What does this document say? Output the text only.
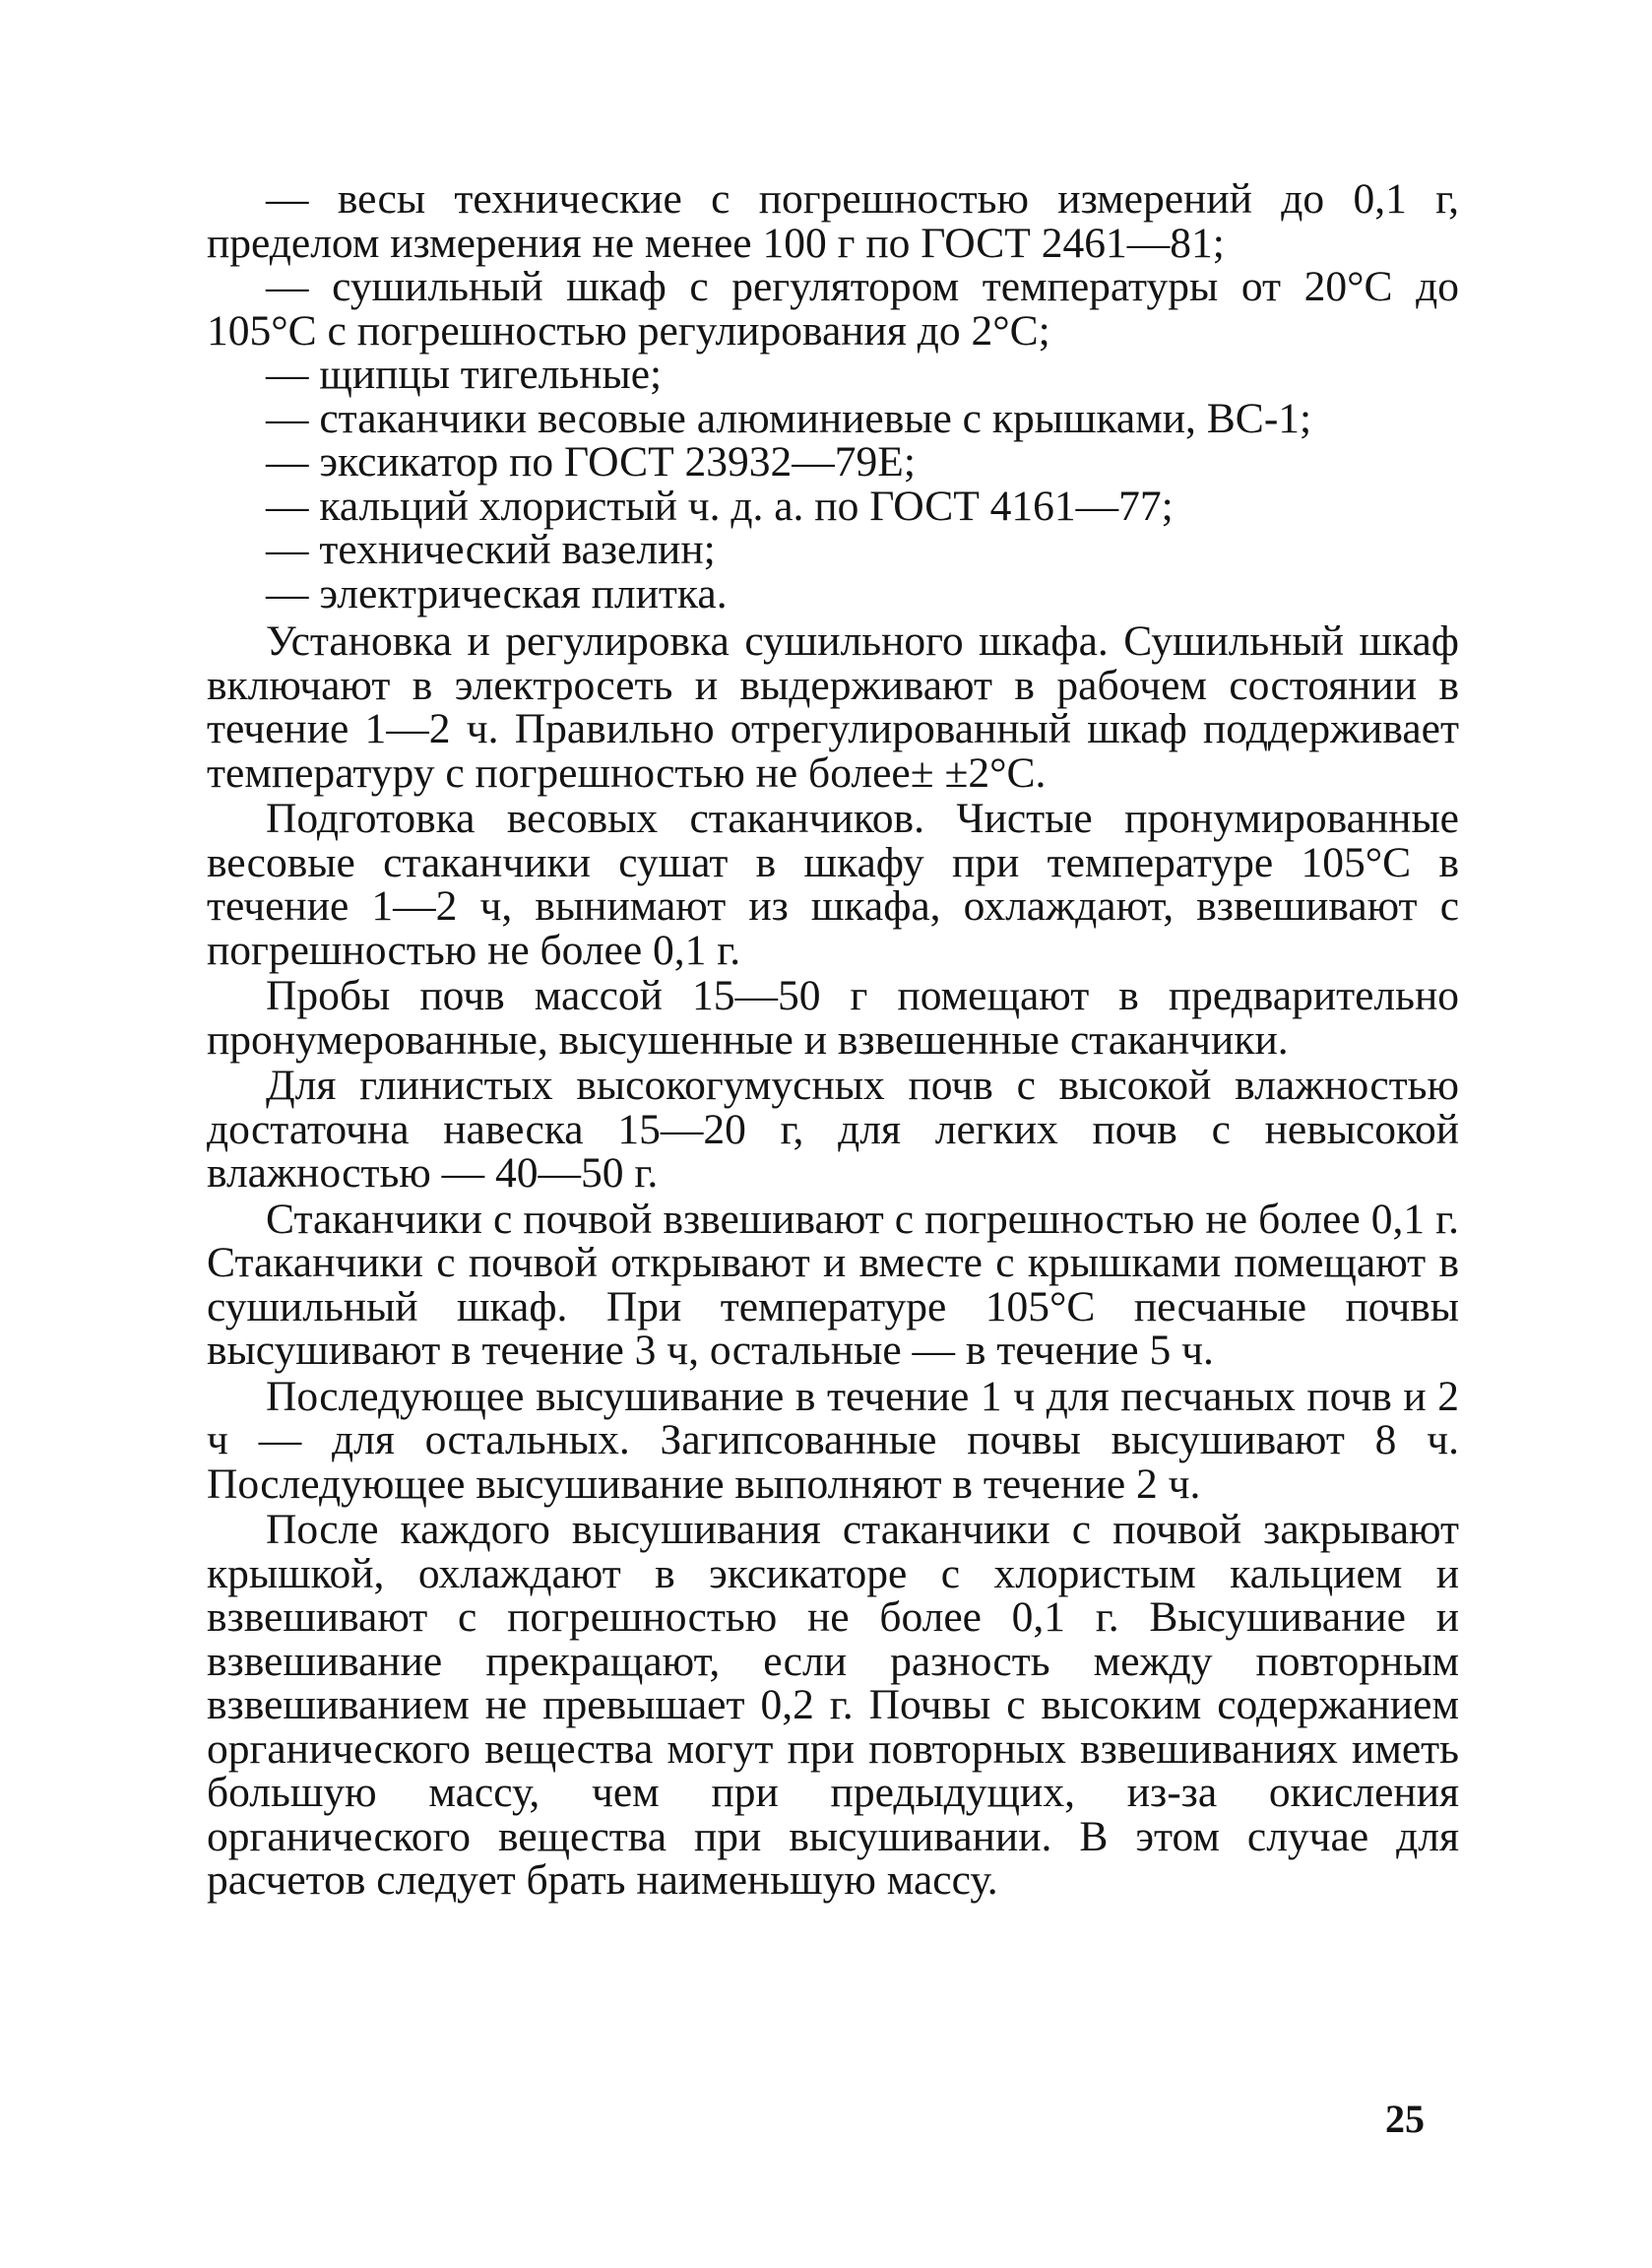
— весы технические с погрешностью измерений до 0,1 г, пределом измерения не менее 100 г по ГОСТ 2461—81;

— сушильный шкаф с регулятором температуры от 20°С до 105°С с погрешностью регулирования до 2°С;

— щипцы тигельные;

— стаканчики весовые алюминиевые с крышками, ВС-1;

— эксикатор по ГОСТ 23932—79Е;

— кальций хлористый ч. д. а. по ГОСТ 4161—77;

— технический вазелин;

— электрическая плитка.

Установка и регулировка сушильного шкафа. Сушильный шкаф включают в электросеть и выдерживают в рабочем состоянии в течение 1—2 ч. Правильно отрегулированный шкаф поддерживает температуру с погрешностью не более± ±2°С.

Подготовка весовых стаканчиков. Чистые пронумированные весовые стаканчики сушат в шкафу при температуре 105°С в течение 1—2 ч, вынимают из шкафа, охлаждают, взвешивают с погрешностью не более 0,1 г.

Пробы почв массой 15—50 г помещают в предварительно пронумерованные, высушенные и взвешенные стаканчики.

Для глинистых высокогумусных почв с высокой влажностью достаточна навеска 15—20 г, для легких почв с невысокой влажностью — 40—50 г.

Стаканчики с почвой взвешивают с погрешностью не более 0,1 г. Стаканчики с почвой открывают и вместе с крышками помещают в сушильный шкаф. При температуре 105°С песчаные почвы высушивают в течение 3 ч, остальные — в течение 5 ч.

Последующее высушивание в течение 1 ч для песчаных почв и 2 ч — для остальных. Загипсованные почвы высушивают 8 ч. Последующее высушивание выполняют в течение 2 ч.

После каждого высушивания стаканчики с почвой закрывают крышкой, охлаждают в эксикаторе с хлористым кальцием и взвешивают с погрешностью не более 0,1 г. Высушивание и взвешивание прекращают, если разность между повторным взвешиванием не превышает 0,2 г. Почвы с высоким содержанием органического вещества могут при повторных взвешиваниях иметь большую массу, чем при предыдущих, из-за окисления органического вещества при высушивании. В этом случае для расчетов следует брать наименьшую массу.

25
